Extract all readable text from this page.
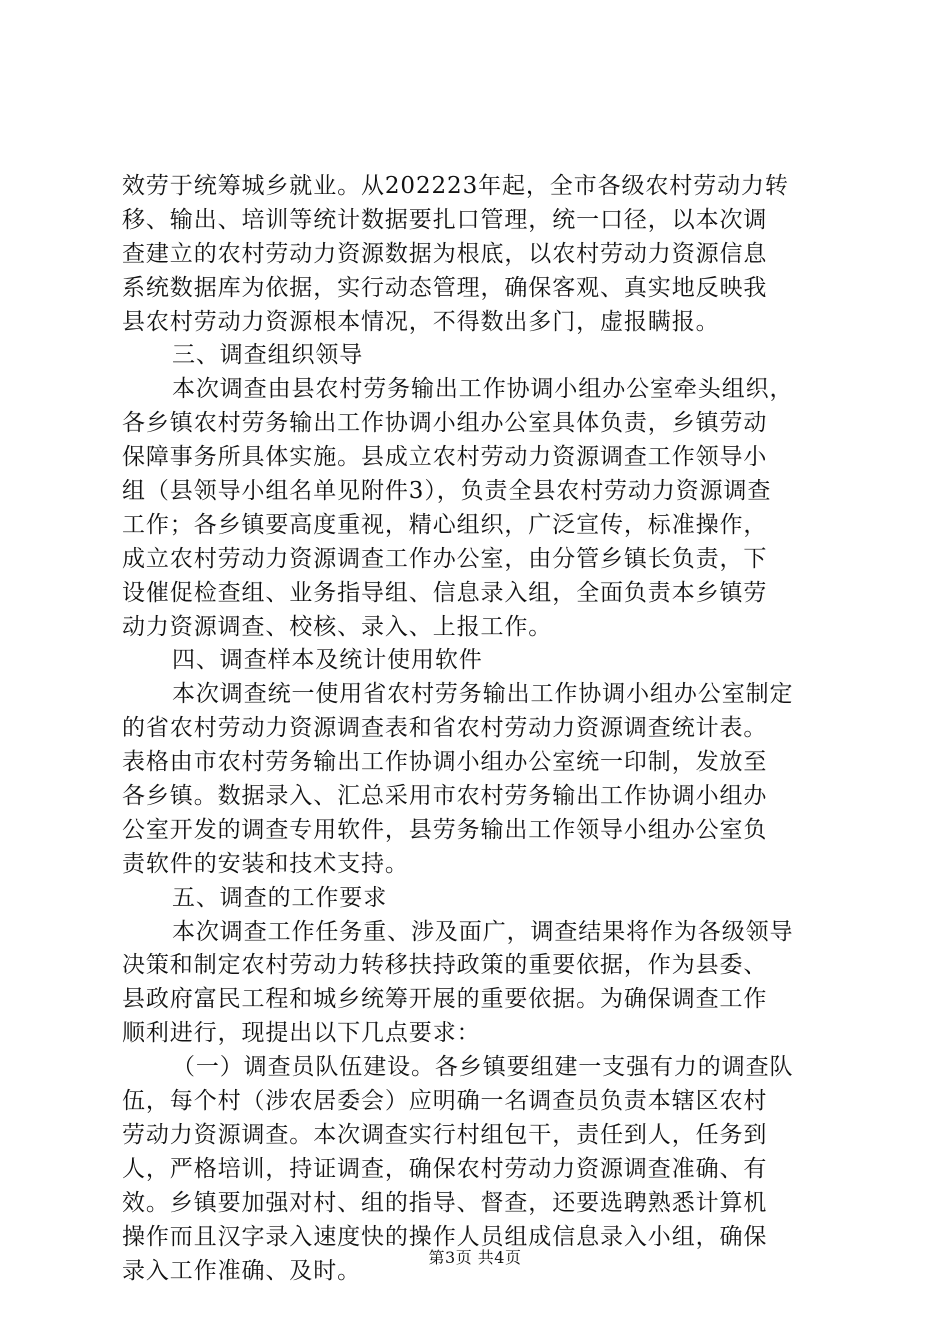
效劳于统筹城乡就业。从202223年起，全市各级农村劳动力转
移、输出、培训等统计数据要扎口管理，统一口径，以本次调
查建立的农村劳动力资源数据为根底，以农村劳动力资源信息
系统数据库为依据，实行动态管理，确保客观、真实地反映我
县农村劳动力资源根本情况，不得数出多门，虚报瞒报。
三、调查组织领导
本次调查由县农村劳务输出工作协调小组办公室牵头组织，
各乡镇农村劳务输出工作协调小组办公室具体负责，乡镇劳动
保障事务所具体实施。县成立农村劳动力资源调查工作领导小
组（县领导小组名单见附件3），负责全县农村劳动力资源调查
工作；各乡镇要高度重视，精心组织，广泛宣传，标准操作，
成立农村劳动力资源调查工作办公室，由分管乡镇长负责，下
设催促检查组、业务指导组、信息录入组，全面负责本乡镇劳
动力资源调查、校核、录入、上报工作。
四、调查样本及统计使用软件
本次调查统一使用省农村劳务输出工作协调小组办公室制定
的省农村劳动力资源调查表和省农村劳动力资源调查统计表。
表格由市农村劳务输出工作协调小组办公室统一印制，发放至
各乡镇。数据录入、汇总采用市农村劳务输出工作协调小组办
公室开发的调查专用软件，县劳务输出工作领导小组办公室负
责软件的安装和技术支持。
五、调查的工作要求
本次调查工作任务重、涉及面广，调查结果将作为各级领导
决策和制定农村劳动力转移扶持政策的重要依据，作为县委、
县政府富民工程和城乡统筹开展的重要依据。为确保调查工作
顺利进行，现提出以下几点要求：
（一）调查员队伍建设。各乡镇要组建一支强有力的调查队
伍，每个村（涉农居委会）应明确一名调查员负责本辖区农村
劳动力资源调查。本次调查实行村组包干，责任到人，任务到
人，严格培训，持证调查，确保农村劳动力资源调查准确、有
效。乡镇要加强对村、组的指导、督查，还要选聘熟悉计算机
操作而且汉字录入速度快的操作人员组成信息录入小组，确保
录入工作准确、及时。	第3页 共4页
